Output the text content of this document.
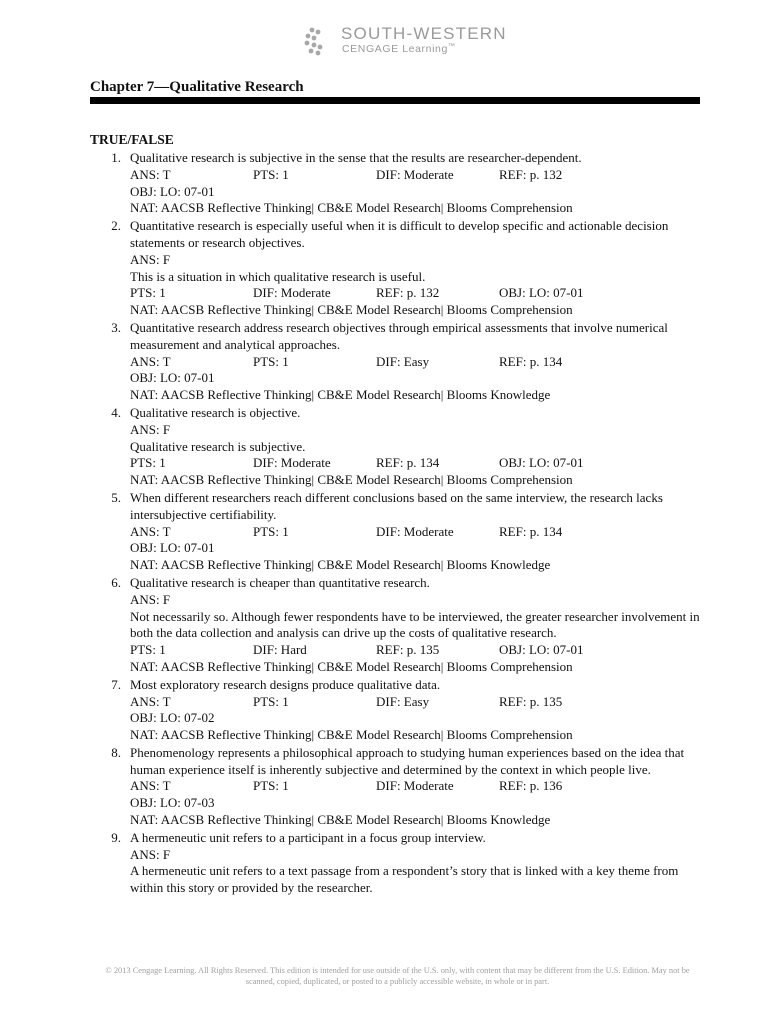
SOUTH-WESTERN
CENGAGE Learning™
Chapter 7—Qualitative Research
TRUE/FALSE
1. Qualitative research is subjective in the sense that the results are researcher-dependent.
ANS: T	PTS: 1	DIF: Moderate	REF: p. 132
OBJ: LO: 07-01
NAT: AACSB Reflective Thinking| CB&E Model Research| Blooms Comprehension
2. Quantitative research is especially useful when it is difficult to develop specific and actionable decision statements or research objectives.
ANS: F
This is a situation in which qualitative research is useful.
PTS: 1	DIF: Moderate	REF: p. 132	OBJ: LO: 07-01
NAT: AACSB Reflective Thinking| CB&E Model Research| Blooms Comprehension
3. Quantitative research address research objectives through empirical assessments that involve numerical measurement and analytical approaches.
ANS: T	PTS: 1	DIF: Easy	REF: p. 134
OBJ: LO: 07-01
NAT: AACSB Reflective Thinking| CB&E Model Research| Blooms Knowledge
4. Qualitative research is objective.
ANS: F
Qualitative research is subjective.
PTS: 1	DIF: Moderate	REF: p. 134	OBJ: LO: 07-01
NAT: AACSB Reflective Thinking| CB&E Model Research| Blooms Comprehension
5. When different researchers reach different conclusions based on the same interview, the research lacks intersubjective certifiability.
ANS: T	PTS: 1	DIF: Moderate	REF: p. 134
OBJ: LO: 07-01
NAT: AACSB Reflective Thinking| CB&E Model Research| Blooms Knowledge
6. Qualitative research is cheaper than quantitative research.
ANS: F
Not necessarily so. Although fewer respondents have to be interviewed, the greater researcher involvement in both the data collection and analysis can drive up the costs of qualitative research.
PTS: 1	DIF: Hard	REF: p. 135	OBJ: LO: 07-01
NAT: AACSB Reflective Thinking| CB&E Model Research| Blooms Comprehension
7. Most exploratory research designs produce qualitative data.
ANS: T	PTS: 1	DIF: Easy	REF: p. 135
OBJ: LO: 07-02
NAT: AACSB Reflective Thinking| CB&E Model Research| Blooms Comprehension
8. Phenomenology represents a philosophical approach to studying human experiences based on the idea that human experience itself is inherently subjective and determined by the context in which people live.
ANS: T	PTS: 1	DIF: Moderate	REF: p. 136
OBJ: LO: 07-03
NAT: AACSB Reflective Thinking| CB&E Model Research| Blooms Knowledge
9. A hermeneutic unit refers to a participant in a focus group interview.
ANS: F
A hermeneutic unit refers to a text passage from a respondent’s story that is linked with a key theme from within this story or provided by the researcher.
© 2013 Cengage Learning. All Rights Reserved. This edition is intended for use outside of the U.S. only, with content that may be different from the U.S. Edition. May not be scanned, copied, duplicated, or posted to a publicly accessible website, in whole or in part.
